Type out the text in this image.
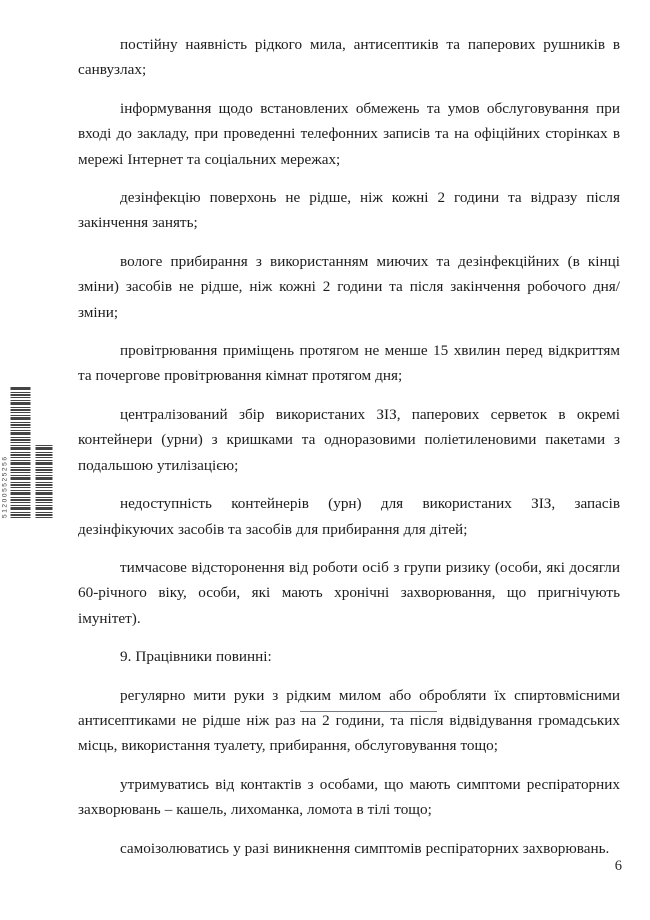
512005525256

постійну наявність рідкого мила, антисептиків та паперових рушників в санвузлах;

інформування щодо встановлених обмежень та умов обслуговування при вході до закладу, при проведенні телефонних записів та на офіційних сторінках в мережі Інтернет та соціальних мережах;

дезінфекцію поверхонь не рідше, ніж кожні 2 години та відразу після закінчення занять;

вологе прибирання з використанням миючих та дезінфекційних (в кінці зміни) засобів не рідше, ніж кожні 2 години та після закінчення робочого дня/зміни;

провітрювання приміщень протягом не менше 15 хвилин перед відкриттям та почергове провітрювання кімнат протягом дня;

централізований збір використаних ЗІЗ, паперових серветок в окремі контейнери (урни) з кришками та одноразовими поліетиленовими пакетами з подальшою утилізацією;

недоступність контейнерів (урн) для використаних ЗІЗ, запасів дезінфікуючих засобів та засобів для прибирання для дітей;

тимчасове відсторонення від роботи осіб з групи ризику (особи, які досягли 60-річного віку, особи, які мають хронічні захворювання, що пригнічують імунітет).

9. Працівники повинні:

регулярно мити руки з рідким милом або обробляти їх спиртовмісними антисептиками не рідше ніж раз на 2 години, та після відвідування громадських місць, використання туалету, прибирання, обслуговування тощо;

утримуватись від контактів з особами, що мають симптоми респіраторних захворювань – кашель, лихоманка, ломота в тілі тощо;

самоізолюватись у разі виникнення симптомів респіраторних захворювань.

6
